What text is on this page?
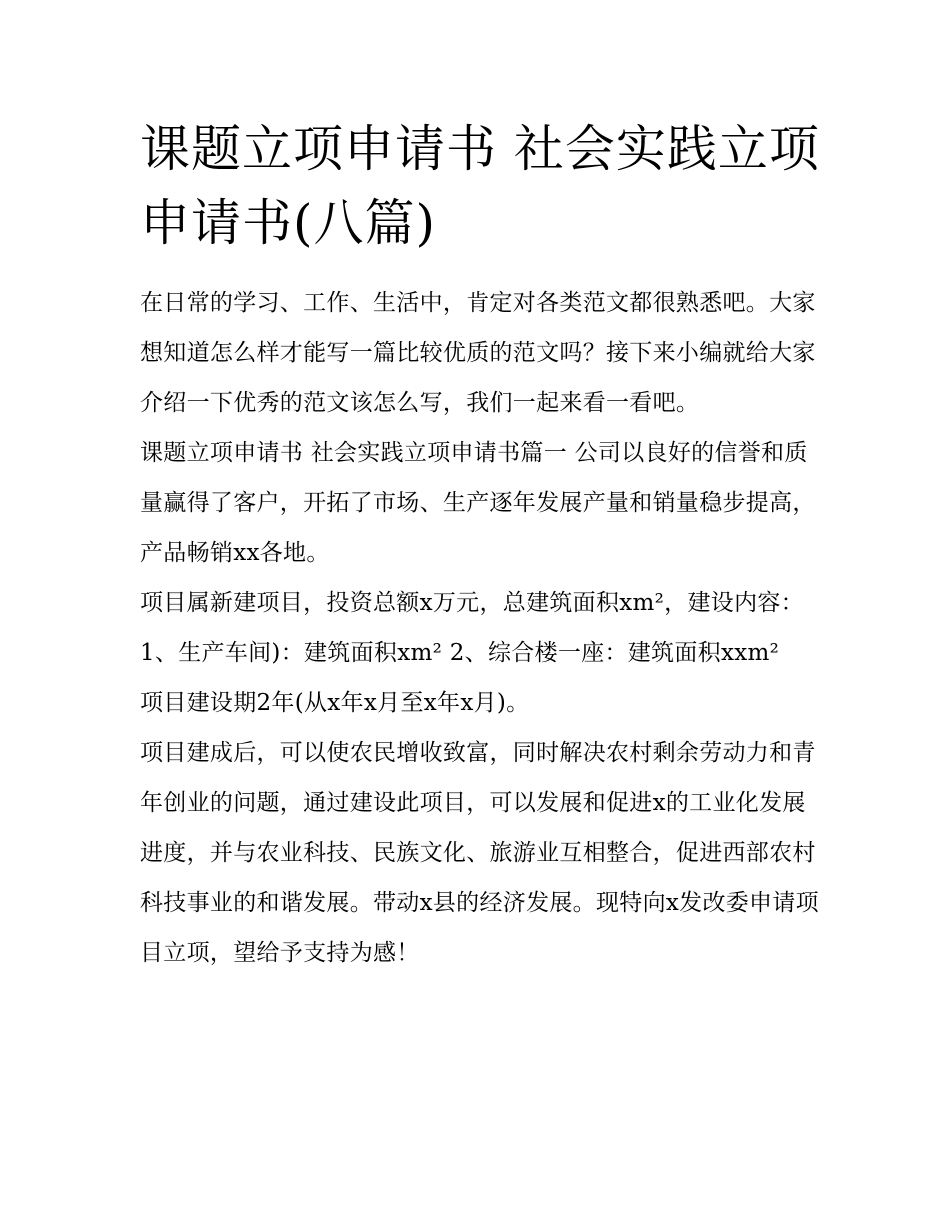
课题立项申请书 社会实践立项申请书(八篇)

在日常的学习、工作、生活中，肯定对各类范文都很熟悉吧。大家想知道怎么样才能写一篇比较优质的范文吗？接下来小编就给大家介绍一下优秀的范文该怎么写，我们一起来看一看吧。

课题立项申请书 社会实践立项申请书篇一 公司以良好的信誉和质量赢得了客户，开拓了市场、生产逐年发展产量和销量稳步提高，产品畅销xx各地。

项目属新建项目，投资总额x万元，总建筑面积xm²，建设内容： 1、生产车间)：建筑面积xm² 2、综合楼一座：建筑面积xxm²

项目建设期2年(从x年x月至x年x月)。

项目建成后，可以使农民增收致富，同时解决农村剩余劳动力和青年创业的问题，通过建设此项目，可以发展和促进x的工业化发展进度，并与农业科技、民族文化、旅游业互相整合，促进西部农村科技事业的和谐发展。带动x县的经济发展。现特向x发改委申请项目立项，望给予支持为感！
